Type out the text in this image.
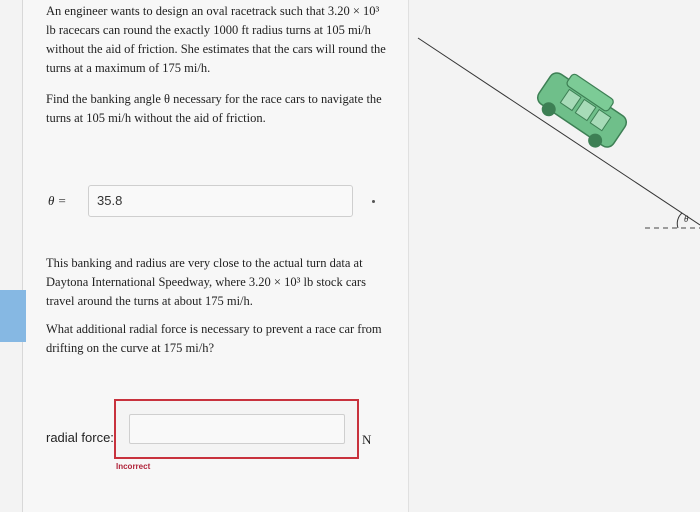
An engineer wants to design an oval racetrack such that 3.20 × 10³ lb racecars can round the exactly 1000 ft radius turns at 105 mi/h without the aid of friction. She estimates that the cars will round the turns at a maximum of 175 mi/h.
Find the banking angle θ necessary for the race cars to navigate the turns at 105 mi/h without the aid of friction.
θ =	35.8
This banking and radius are very close to the actual turn data at Daytona International Speedway, where 3.20 × 10³ lb stock cars travel around the turns at about 175 mi/h.
What additional radial force is necessary to prevent a race car from drifting on the curve at 175 mi/h?
radial force:	N
Incorrect
θ
